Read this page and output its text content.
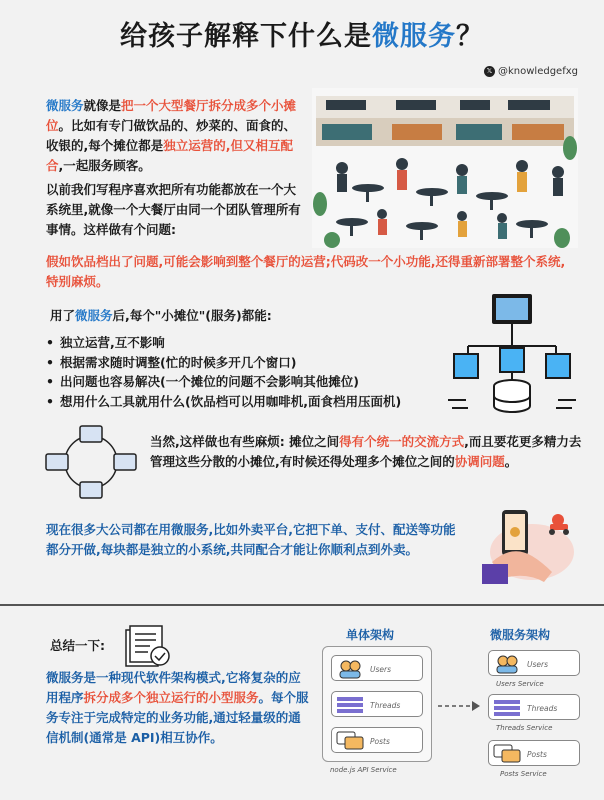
给孩子解释下什么是微服务？
𝕏 @knowledgefxg
微服务就像是把一个大型餐厅拆分成多个小摊位。比如有专门做饮品的、炒菜的、面食的、收银的,每个摊位都是独立运营的,但又相互配合,一起服务顾客。
以前我们写程序喜欢把所有功能都放在一个大系统里,就像一个大餐厅由同一个团队管理所有事情。这样做有个问题:
假如饮品档出了问题,可能会影响到整个餐厅的运营;代码改一个小功能,还得重新部署整个系统,特别麻烦。
用了微服务后,每个"小摊位"(服务)都能:
• 独立运营,互不影响
• 根据需求随时调整(忙的时候多开几个窗口)
• 出问题也容易解决(一个摊位的问题不会影响其他摊位)
• 想用什么工具就用什么(饮品档可以用咖啡机,面食档用压面机)
当然,这样做也有些麻烦: 摊位之间得有个统一的交流方式,而且要花更多精力去管理这些分散的小摊位,有时候还得处理多个摊位之间的协调问题。
现在很多大公司都在用微服务,比如外卖平台,它把下单、支付、配送等功能都分开做,每块都是独立的小系统,共同配合才能让你顺利点到外卖。
总结一下:
微服务是一种现代软件架构模式,它将复杂的应用程序拆分成多个独立运行的小型服务。每个服务专注于完成特定的业务功能,通过轻量级的通信机制(通常是 API)相互协作。
单体架构
Users
Threads
Posts
node.js API Service
微服务架构
Users
Users Service
Threads
Threads Service
Posts
Posts Service
